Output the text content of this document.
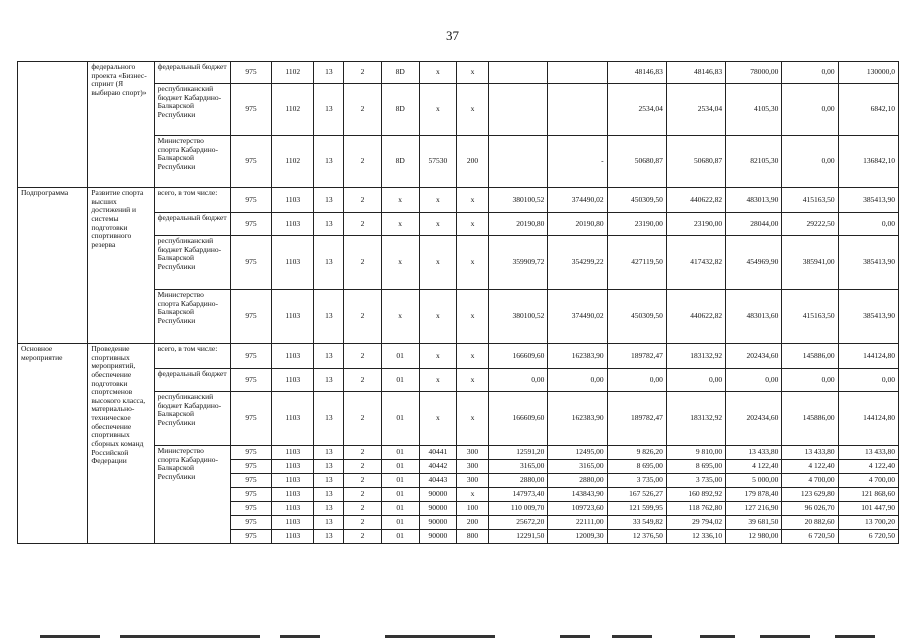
37
	федерального проекта «Бизнес-спринт (Я выбираю спорт)»	федеральный бюджет	975	1102	13	2	8D	х	х			48146,83	48146,83	78000,00	0,00	130000,0
		республиканский бюджет Кабардино-Балкарской Республики	975	1102	13	2	8D	х	х			2534,04	2534,04	4105,30	0,00	6842,10
		Министерство спорта Кабардино-Балкарской Республики	975	1102	13	2	8D	57530	200		-	50680,87	50680,87	82105,30	0,00	136842,10
Подпрограмма	Развитие спорта высших достижений и системы подготовки спортивного резерва	всего, в том числе:	975	1103	13	2	х	х	х	380100,52	374490,02	450309,50	440622,82	483013,90	415163,50	385413,90
		федеральный бюджет	975	1103	13	2	х	х	х	20190,80	20190,80	23190,00	23190,00	28044,00	29222,50	0,00
		республиканский бюджет Кабардино-Балкарской Республики	975	1103	13	2	х	х	х	359909,72	354299,22	427119,50	417432,82	454969,90	385941,00	385413,90
		Министерство спорта Кабардино-Балкарской Республики	975	1103	13	2	х	х	х	380100,52	374490,02	450309,50	440622,82	483013,60	415163,50	385413,90
Основное мероприятие	Проведение спортивных мероприятий, обеспечение подготовки спортсменов высокого класса, материально-техническое обеспечение спортивных сборных команд Российской Федерации	всего, в том числе:	975	1103	13	2	01	х	х	166609,60	162383,90	189782,47	183132,92	202434,60	145886,00	144124,80
		федеральный бюджет	975	1103	13	2	01	х	х	0,00	0,00	0,00	0,00	0,00	0,00	0,00
		республиканский бюджет Кабардино-Балкарской Республики	975	1103	13	2	01	х	х	166609,60	162383,90	189782,47	183132,92	202434,60	145886,00	144124,80
		Министерство спорта Кабардино-Балкарской Республики	975	1103	13	2	01	40441	300	12591,20	12495,00	9 826,20	9 810,00	13 433,80	13 433,80	13 433,80
			975	1103	13	2	01	40442	300	3165,00	3165,00	8 695,00	8 695,00	4 122,40	4 122,40	4 122,40
			975	1103	13	2	01	40443	300	2880,00	2880,00	3 735,00	3 735,00	5 000,00	4 700,00	4 700,00
			975	1103	13	2	01	90000	х	147973,40	143843,90	167 526,27	160 892,92	179 878,40	123 629,80	121 868,60
			975	1103	13	2	01	90000	100	110 009,70	109723,60	121 599,95	118 762,80	127 216,90	96 026,70	101 447,90
			975	1103	13	2	01	90000	200	25672,20	22111,00	33 549,82	29 794,02	39 681,50	20 882,60	13 700,20
			975	1103	13	2	01	90000	800	12291,50	12009,30	12 376,50	12 336,10	12 980,00	6 720,50	6 720,50
